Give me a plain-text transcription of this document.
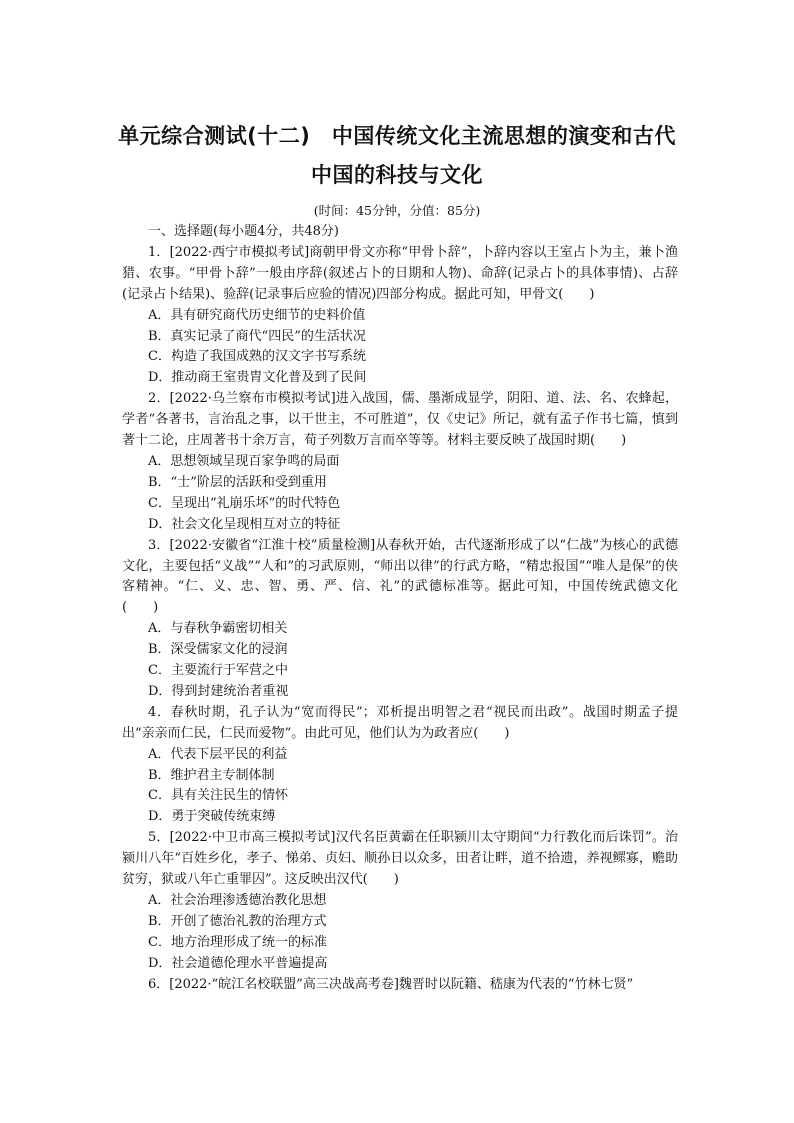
单元综合测试(十二)　中国传统文化主流思想的演变和古代
中国的科技与文化
(时间：45分钟，分值：85分)

一、选择题(每小题4分，共48分)

1．[2022·西宁市模拟考试]商朝甲骨文亦称“甲骨卜辞”，卜辞内容以王室占卜为主，兼卜渔猎、农事。“甲骨卜辞”一般由序辞(叙述占卜的日期和人物)、命辞(记录占卜的具体事情)、占辞(记录占卜结果)、验辞(记录事后应验的情况)四部分构成。据此可知，甲骨文(　　)

A．具有研究商代历史细节的史料价值

B．真实记录了商代“四民”的生活状况

C．构造了我国成熟的汉文字书写系统

D．推动商王室贵胄文化普及到了民间

2．[2022·乌兰察布市模拟考试]进入战国，儒、墨渐成显学，阴阳、道、法、名、农蜂起，学者“各著书，言治乱之事，以干世主，不可胜道”，仅《史记》所记，就有孟子作书七篇，慎到著十二论，庄周著书十余万言，荀子列数万言而卒等等。材料主要反映了战国时期(　　)

A．思想领域呈现百家争鸣的局面

B．“士”阶层的活跃和受到重用

C．呈现出“礼崩乐坏”的时代特色

D．社会文化呈现相互对立的特征

3．[2022·安徽省“江淮十校”质量检测]从春秋开始，古代逐渐形成了以“仁战”为核心的武德文化，主要包括“义战”“人和”的习武原则，“师出以律”的行武方略，“精忠报国”“唯人是保”的侠客精神。“仁、义、忠、智、勇、严、信、礼”的武德标准等。据此可知，中国传统武德文化(　　)

A．与春秋争霸密切相关

B．深受儒家文化的浸润

C．主要流行于军营之中

D．得到封建统治者重视

4．春秋时期，孔子认为“宽而得民”；邓析提出明智之君“视民而出政”。战国时期孟子提出“亲亲而仁民，仁民而爱物”。由此可见，他们认为为政者应(　　)

A．代表下层平民的利益

B．维护君主专制体制

C．具有关注民生的情怀

D．勇于突破传统束缚

5．[2022·中卫市高三模拟考试]汉代名臣黄霸在任职颍川太守期间“力行教化而后诛罚”。治颍川八年“百姓乡化，孝子、悌弟、贞妇、顺孙日以众多，田者让畔，道不拾遗，养视鳏寡，赡助贫穷，狱或八年亡重罪囚”。这反映出汉代(　　)

A．社会治理渗透德治教化思想

B．开创了德治礼教的治理方式

C．地方治理形成了统一的标准

D．社会道德伦理水平普遍提高

6．[2022·“皖江名校联盟”高三决战高考卷]魏晋时以阮籍、嵇康为代表的“竹林七贤”
